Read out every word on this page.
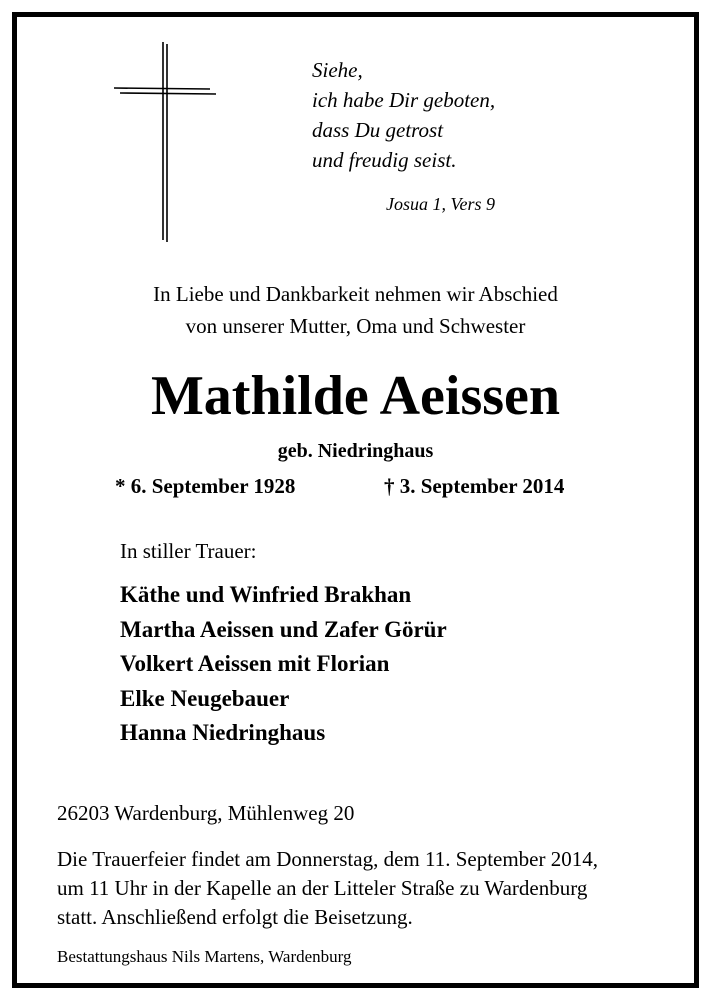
Siehe,
ich habe Dir geboten,
dass Du getrost
und freudig seist.
Josua 1, Vers 9
In Liebe und Dankbarkeit nehmen wir Abschied
von unserer Mutter, Oma und Schwester
Mathilde Aeissen
geb. Niedringhaus
* 6. September 1928	† 3. September 2014
In stiller Trauer:
Käthe und Winfried Brakhan
Martha Aeissen und Zafer Görür
Volkert Aeissen mit Florian
Elke Neugebauer
Hanna Niedringhaus
26203 Wardenburg, Mühlenweg 20
Die Trauerfeier findet am Donnerstag, dem 11. September 2014,
um 11 Uhr in der Kapelle an der Litteler Straße zu Wardenburg
statt. Anschließend erfolgt die Beisetzung.
Bestattungshaus Nils Martens, Wardenburg
